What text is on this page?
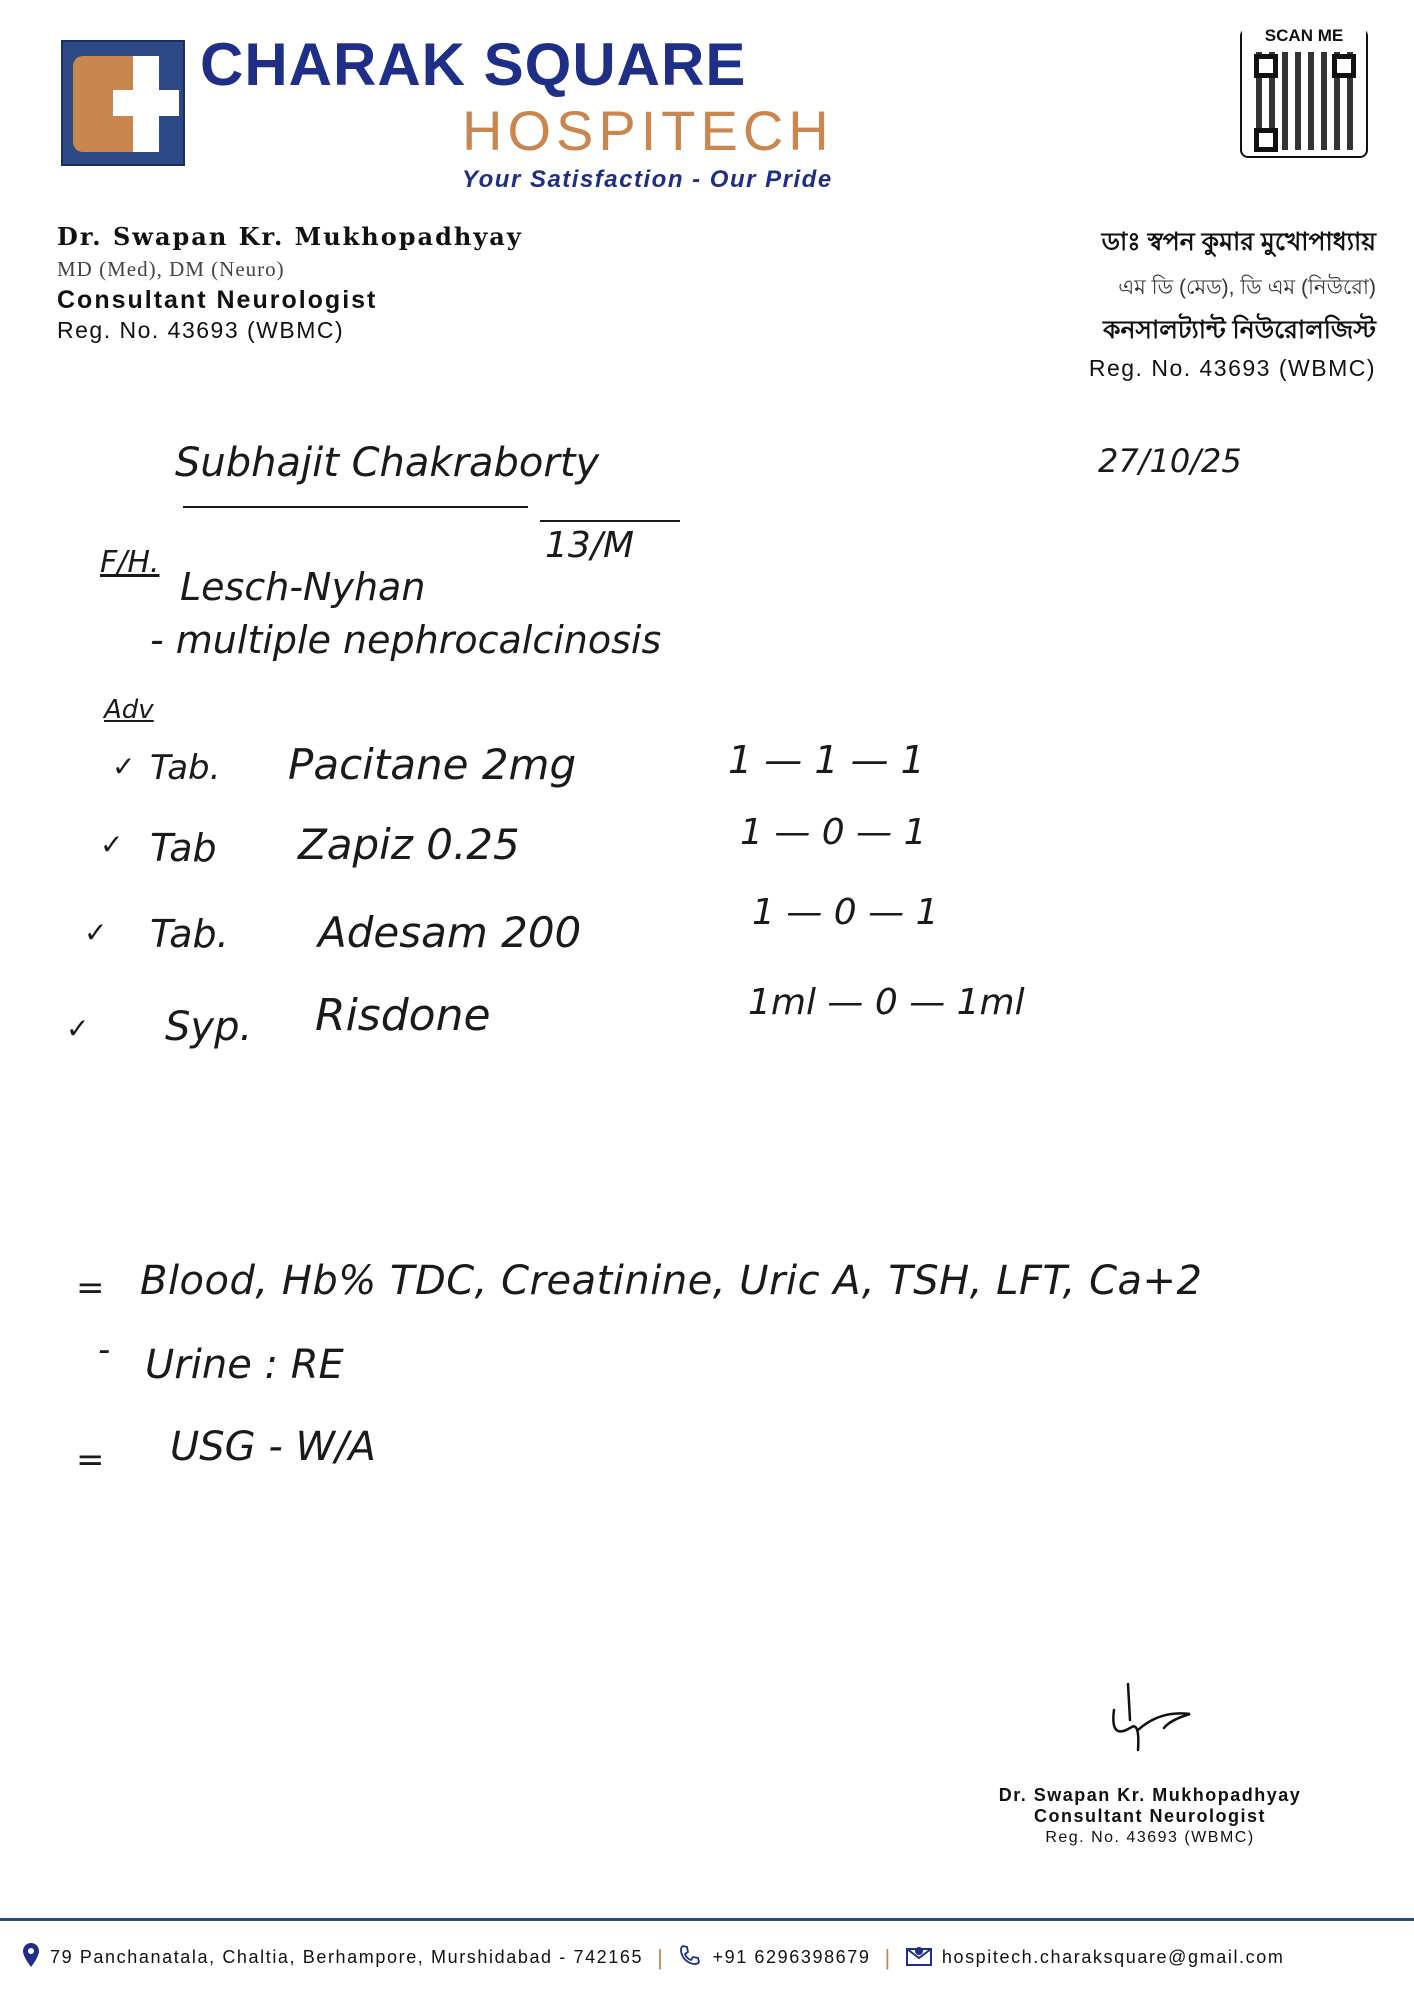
CHARAK SQUARE
HOSPITECH
Your Satisfaction - Our Pride
SCAN ME
Dr. Swapan Kr. Mukhopadhyay
MD (Med), DM (Neuro)
Consultant Neurologist
Reg. No. 43693 (WBMC)
ডাঃ স্বপন কুমার মুখোপাধ্যায়
এম ডি (মেড), ডি এম (নিউরো)
কনসালট্যান্ট নিউরোলজিস্ট
Reg. No. 43693 (WBMC)
Subhajit Chakraborty
13/M
27/10/25
F/H.
Lesch-Nyhan
- multiple nephrocalcinosis
Adv
✓ Tab. Pacitane 2mg	1 — 1 — 1
✓ Tab Zapiz 0.25	1 — 0 — 1
✓ Tab. Adesam 200	1 — 0 — 1
✓ Syp. Risdone	1ml — 0 — 1ml
= Blood, Hb% TDC, Creatinine, Uric A, TSH, LFT, Ca+2
- Urine : RE
= USG - W/A
Dr. Swapan Kr. Mukhopadhyay
Consultant Neurologist
Reg. No. 43693 (WBMC)
79 Panchanatala, Chaltia, Berhampore, Murshidabad - 742165 |	+91 6296398679 |	hospitech.charaksquare@gmail.com
